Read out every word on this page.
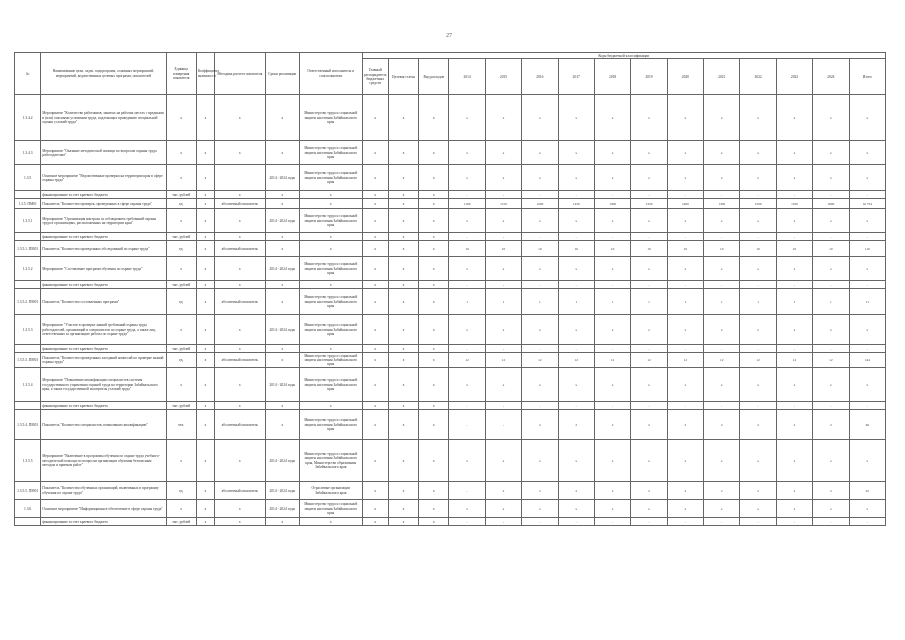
27
№	Наименование цели, задач, подпрограмм, основных мероприятий, мероприятий, ведомственных целевых программ, показателей	Единица измерения показателя	Коэффициент значимости	Методика расчета показателя	Сроки реализации	Ответственный исполнитель и соисполнители	Коды бюджетной классификации														
							Главный распорядитель бюджетных средств	Целевая статья	Вид расходов	2014	2015	2016	2017	2018	2019	2020	2021	2022	2023	2024	Итого
1.3.4.2	Мероприятие "Количество работников, занятых на рабочих местах с вредными и (или) опасными условиями труда, подлежащих проведению специальной оценки условий труда"	x	x	x	x	Министерство труда и социальной защиты населения Забайкальского края	x	x	x	x	x	x	x	x	x	x	x	x	x	x	x
1.3.4.3	Мероприятие "Оказание методической помощи по вопросам охраны труда работодателям"	x	x	x	x	Министерство труда и социальной защиты населения Забайкальского края	x	x	x	x	x	x	x	x	x	x	x	x	x	x	x
1.3.5	Основное мероприятие "Ведомственные проверки на территории края в сфере охраны труда"	x	x		2014 - 2024 годы	Министерство труда и социальной защиты населения Забайкальского края	x	x	x	x	x	x	x	x	x	x	x	x	x	x	x
	финансирование за счет краевого бюджета	тыс. рублей	x	x	x	x	x	x	x	-	-	-	-	-	-	-	-	-	-	-	-
1.3.5. ПМ01	Показатель "Количество проверок, проведенных в сфере охраны труда"	ед.	x	абсолютный показатель	x	x	x	x	x	1100	1150	1200	1250	1300	1350	1400	1450	1500	1550	1600	16 754
1.3.5.1	Мероприятие "Организация контроля за соблюдением требований охраны труда в организациях, расположенных на территории края"	x	x	x	2014 - 2024 годы	Министерство труда и социальной защиты населения Забайкальского края	x	x	x	x	x	x	x	x	x	x	x	x	x	x	x
	финансирование за счет краевого бюджета	тыс. рублей	x	x	x	x	x	x	x	-	-	-	-	-	-	-	-	-	-	-	-
1.3.5.1. ПМ01	Показатель "Количество проведенных обследований по охране труда"	ед.	x	абсолютный показатель	x	x	x	x	x	10	10	10	10	10	10	10	10	10	10	10	110
1.3.5.2	Мероприятие "Составление программ обучения по охране труда"	x	x	x	2014 - 2024 годы	Министерство труда и социальной защиты населения Забайкальского края	x	x	x	x	x	x	x	x	x	x	x	x	x	x	x
	финансирование за счет краевого бюджета	тыс. рублей	x	x	x	x	x	x	x	-	-	-	-	-	-	-	-	-	-	-	-
1.3.5.2. ПМ01	Показатель "Количество составленных программ"	ед.	x	абсолютный показатель	x	Министерство труда и социальной защиты населения Забайкальского края	x	x	x	1	1	1	1	1	1	1	1	1	1	1	11
1.3.5.3	Мероприятие "Участие в проверке знаний требований охраны труда работодателей, организаций и специалистов по охране труда, а также лиц, ответственных за организацию работы по охране труда"	x	x	x	2014 - 2024 годы	Министерство труда и социальной защиты населения Забайкальского края	x	x	x	x	x	x	x	x	x	x	x	x	x	x	x
	финансирование за счет краевого бюджета	тыс. рублей	x	x	x	x	x	x	x	-	-	-	-	-	-	-	-	-	-	-	-
1.3.5.3. ПМ01	Показатель "Количество проведенных заседаний комиссий по проверке знаний охраны труда"	ед.	x	абсолютный показатель	x	Министерство труда и социальной защиты населения Забайкальского края	x	x	x	12	12	12	12	12	12	12	12	12	12	12	144
1.3.5.4	Мероприятие "Повышение квалификации специалистов системы государственного управления охраной труда на территории Забайкальского края, а также государственной экспертизы условий труда"	x	x	x	2014 - 2024 годы	Министерство труда и социальной защиты населения Забайкальского края	x	x	x	x	x	x	x	x	x	x	x	x	x	x	x
	финансирование за счет краевого бюджета	тыс. рублей	x	x	x	x	x	x	x	-	-	-	-	-	-	-	-	-	-	-	-
1.3.5.4. ПМ01	Показатель "Количество специалистов, повысивших квалификацию"	чел.	x	абсолютный показатель	x	Министерство труда и социальной защиты населения Забайкальского края	x	x	x	-	-	2	2	2	2	2	2	2	2	2	46
1.3.5.5	Мероприятие "Включение в программы обучения по охране труда учебного-методической помощи по вопросам организации обучения безопасным методам и приемам работ"	x	x	x	2014 - 2024 годы	Министерство труда и социальной защиты населения Забайкальского края, Министерство образования Забайкальского края	x	x	x	x	x	x	x	x	x	x	x	x	x	x	x
1.3.5.5. ПМ01	Показатель "Количество обученных организаций, включенных в программу обучения по охране труда"	ед.	x	абсолютный показатель	2014 - 2024 годы	Отраслевые организации Забайкальского края	x	x	x	-	2	2	2	2	2	2	2	2	2	2	22
1.3.6	Основное мероприятие "Информационное обеспечение в сфере охраны труда"	x	x	x	2014 - 2024 годы	Министерство труда и социальной защиты населения Забайкальского края	x	x	x	x	x	x	x	x	x	x	x	x	x	x	x
	финансирование за счет краевого бюджета	тыс. рублей	x	x	x	x	x	x	x	-	-	-	-	-	-	-	-	-	-	-	-
